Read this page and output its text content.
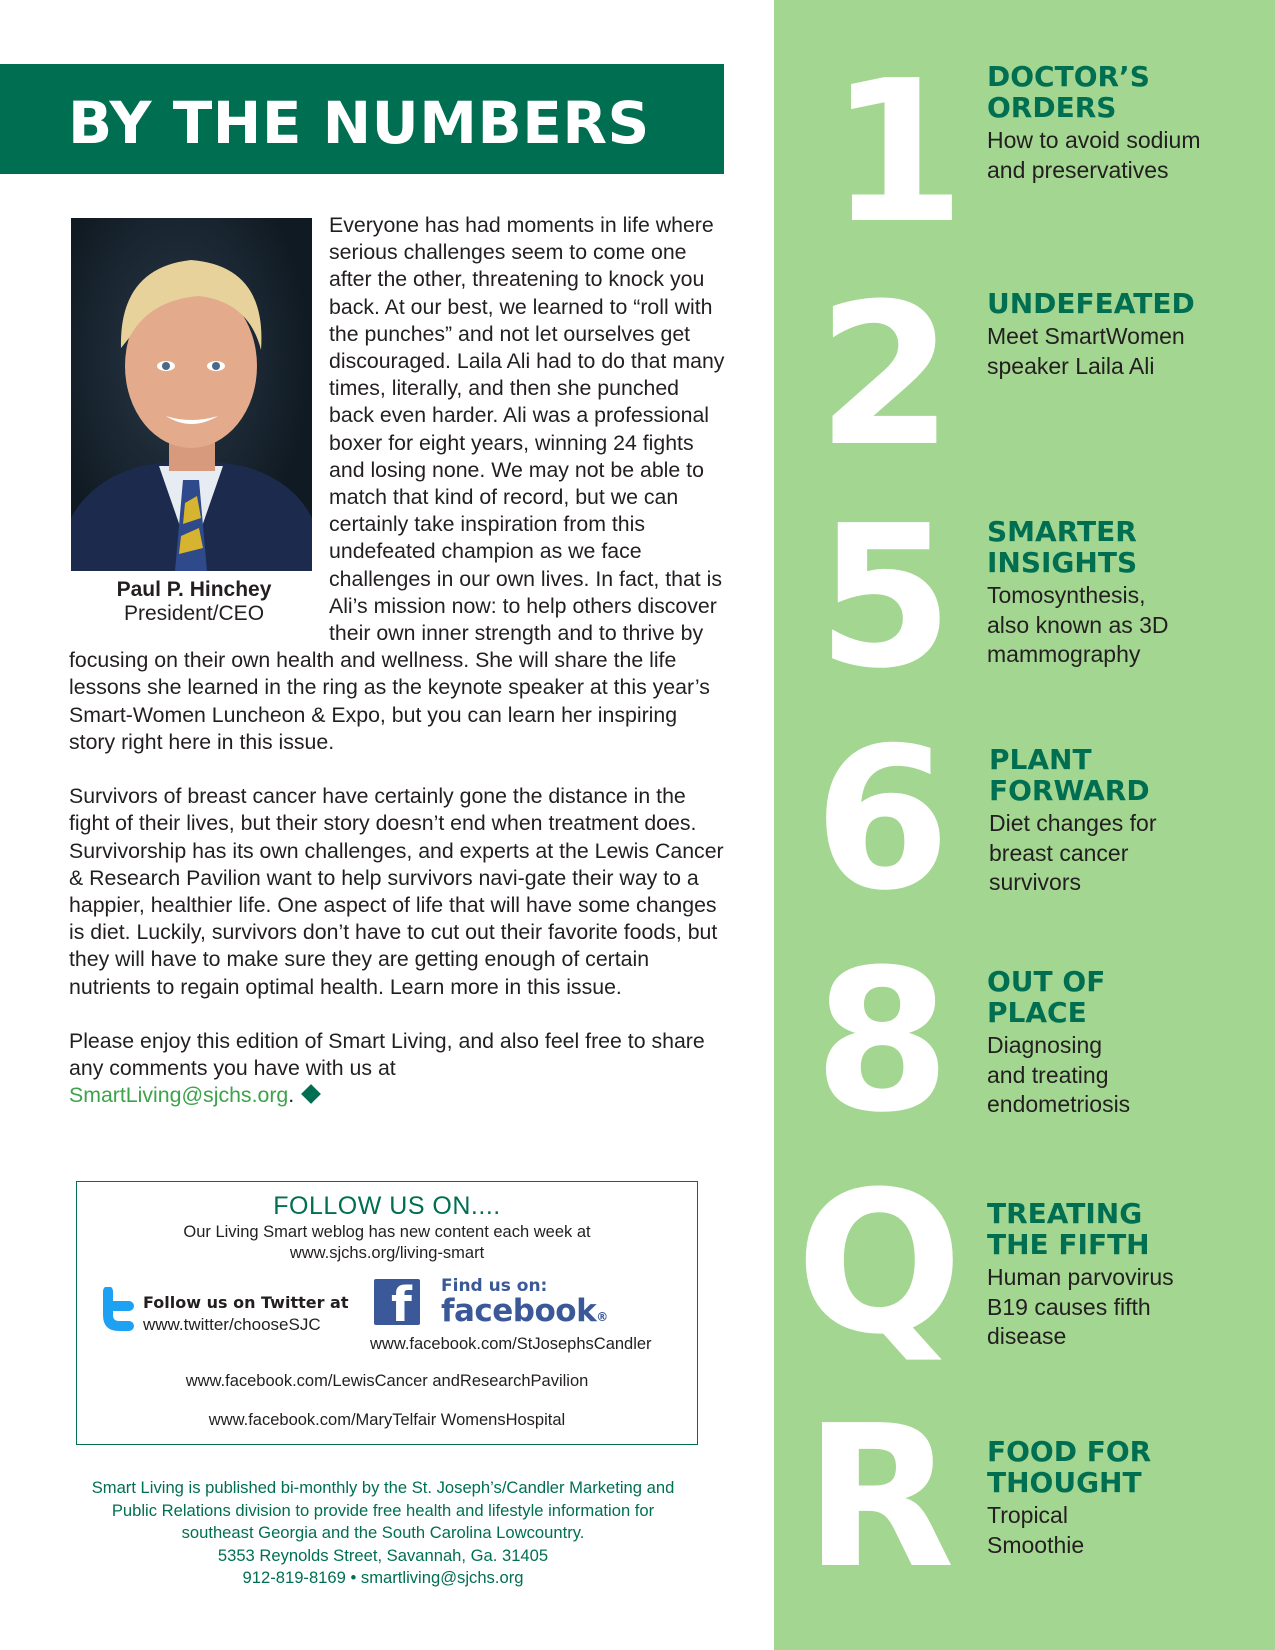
BY THE NUMBERS
Paul P. Hinchey
President/CEO

Everyone has had moments in life where serious challenges seem to come one after the other, threatening to knock you back. At our best, we learned to “roll with the punches” and not let ourselves get discouraged. Laila Ali had to do that many times, literally, and then she punched back even harder. Ali was a professional boxer for eight years, winning 24 fights and losing none. We may not be able to match that kind of record, but we can certainly take inspiration from this undefeated champion as we face challenges in our own lives. In fact, that is Ali’s mission now: to help others discover their own inner strength and to thrive by focusing on their own health and wellness. She will share the life lessons she learned in the ring as the keynote speaker at this year’s Smart-Women Luncheon & Expo, but you can learn her inspiring story right here in this issue.

Survivors of breast cancer have certainly gone the distance in the fight of their lives, but their story doesn’t end when treatment does. Survivorship has its own challenges, and experts at the Lewis Cancer & Research Pavilion want to help survivors navi-gate their way to a happier, healthier life. One aspect of life that will have some changes is diet. Luckily, survivors don’t have to cut out their favorite foods, but they will have to make sure they are getting enough of certain nutrients to regain optimal health. Learn more in this issue.

Please enjoy this edition of Smart Living, and also feel free to share any comments you have with us at
SmartLiving@sjchs.org.

FOLLOW US ON....
Our Living Smart weblog has new content each week at
www.sjchs.org/living-smart
Follow us on Twitter at
www.twitter/chooseSJC	f Find us on:
facebook®
www.facebook.com/StJosephsCandler
www.facebook.com/LewisCancer andResearchPavilion
www.facebook.com/MaryTelfair WomensHospital
Smart Living is published bi-monthly by the St. Joseph’s/Candler Marketing and
Public Relations division to provide free health and lifestyle information for
southeast Georgia and the South Carolina Lowcountry.
5353 Reynolds Street, Savannah, Ga. 31405
912-819-8169 • smartliving@sjchs.org
1 DOCTOR’S
ORDERS
How to avoid sodium
and preservatives
2 UNDEFEATED
Meet SmartWomen
speaker Laila Ali
5 SMARTER
INSIGHTS
Tomosynthesis,
also known as 3D
mammography
6 PLANT
FORWARD
Diet changes for
breast cancer
survivors
8 OUT OF
PLACE
Diagnosing
and treating
endometriosis
Q TREATING
THE FIFTH
Human parvovirus
B19 causes fifth
disease
R FOOD FOR
THOUGHT
Tropical
Smoothie
